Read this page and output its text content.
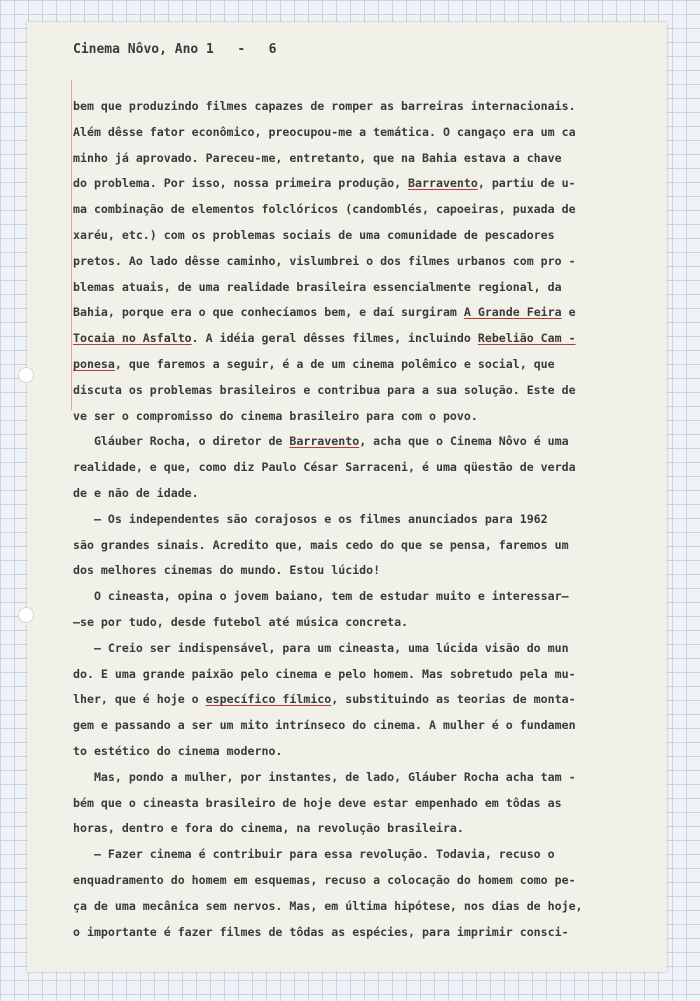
Cinema Nôvo, Ano 1   -   6
bem que produzindo filmes capazes de romper as barreiras internacionais.
Além dêsse fator econômico, preocupou-me a temática. O cangaço era um ca
minho já aprovado. Pareceu-me, entretanto, que na Bahia estava a chave
do problema. Por isso, nossa primeira produção, Barravento, partiu de u-
ma combinação de elementos folclóricos (candomblés, capoeiras, puxada de
xaréu, etc.) com os problemas sociais de uma comunidade de pescadores
pretos. Ao lado dêsse caminho, vislumbrei o dos filmes urbanos com pro -
blemas atuais, de uma realidade brasileira essencialmente regional, da
Bahia, porque era o que conhecíamos bem, e daí surgiram A Grande Feira e
Tocaia no Asfalto. A idéia geral dêsses filmes, incluindo Rebelião Cam -
ponesa, que faremos a seguir, é a de um cinema polêmico e social, que
discuta os problemas brasileiros e contribua para a sua solução. Este de
ve ser o compromisso do cinema brasileiro para com o povo.
Gláuber Rocha, o diretor de Barravento, acha que o Cinema Nôvo é uma
realidade, e que, como diz Paulo César Sarraceni, é uma qüestão de verda
de e não de idade.
— Os independentes são corajosos e os filmes anunciados para 1962
são grandes sinais. Acredito que, mais cedo do que se pensa, faremos um
dos melhores cinemas do mundo. Estou lúcido!
O cineasta, opina o jovem baiano, tem de estudar muito e interessar—
—se por tudo, desde futebol até música concreta.
— Creio ser indispensável, para um cineasta, uma lúcida visão do mun
do. E uma grande paixão pelo cinema e pelo homem. Mas sobretudo pela mu-
lher, que é hoje o específico fílmico, substituindo as teorias de monta-
gem e passando a ser um mito intrínseco do cinema. A mulher é o fundamen
to estético do cinema moderno.
Mas, pondo a mulher, por instantes, de lado, Gláuber Rocha acha tam -
bém que o cineasta brasileiro de hoje deve estar empenhado em tôdas as
horas, dentro e fora do cinema, na revolução brasileira.
— Fazer cinema é contribuir para essa revolução. Todavia, recuso o
enquadramento do homem em esquemas, recuso a colocação do homem como pe-
ça de uma mecânica sem nervos. Mas, em última hipótese, nos dias de hoje,
o importante é fazer filmes de tôdas as espécies, para imprimir consci-
